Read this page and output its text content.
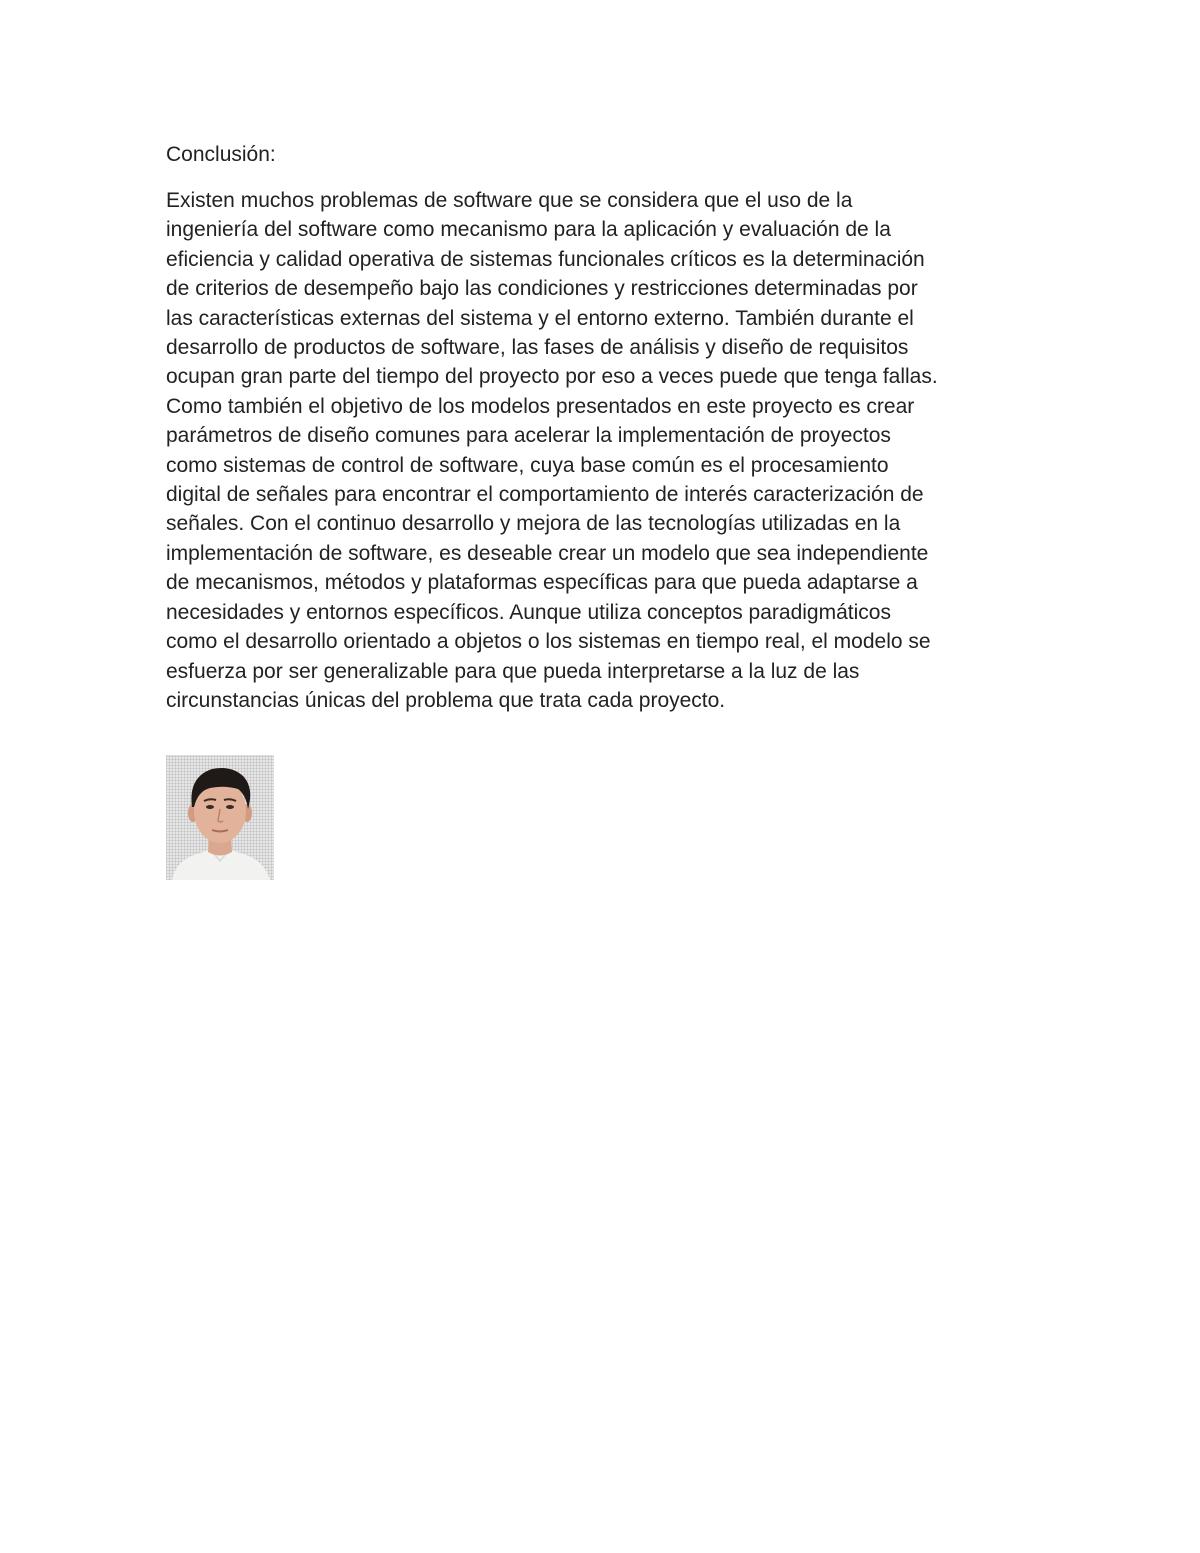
Conclusión:

Existen muchos problemas de software que se considera que el uso de la
ingeniería del software como mecanismo para la aplicación y evaluación de la
eficiencia y calidad operativa de sistemas funcionales críticos es la determinación
de criterios de desempeño bajo las condiciones y restricciones determinadas por
las características externas del sistema y el entorno externo. También durante el
desarrollo de productos de software, las fases de análisis y diseño de requisitos
ocupan gran parte del tiempo del proyecto por eso a veces puede que tenga fallas.
Como también el objetivo de los modelos presentados en este proyecto es crear
parámetros de diseño comunes para acelerar la implementación de proyectos
como sistemas de control de software, cuya base común es el procesamiento
digital de señales para encontrar el comportamiento de interés caracterización de
señales. Con el continuo desarrollo y mejora de las tecnologías utilizadas en la
implementación de software, es deseable crear un modelo que sea independiente
de mecanismos, métodos y plataformas específicas para que pueda adaptarse a
necesidades y entornos específicos. Aunque utiliza conceptos paradigmáticos
como el desarrollo orientado a objetos o los sistemas en tiempo real, el modelo se
esfuerza por ser generalizable para que pueda interpretarse a la luz de las
circunstancias únicas del problema que trata cada proyecto.
